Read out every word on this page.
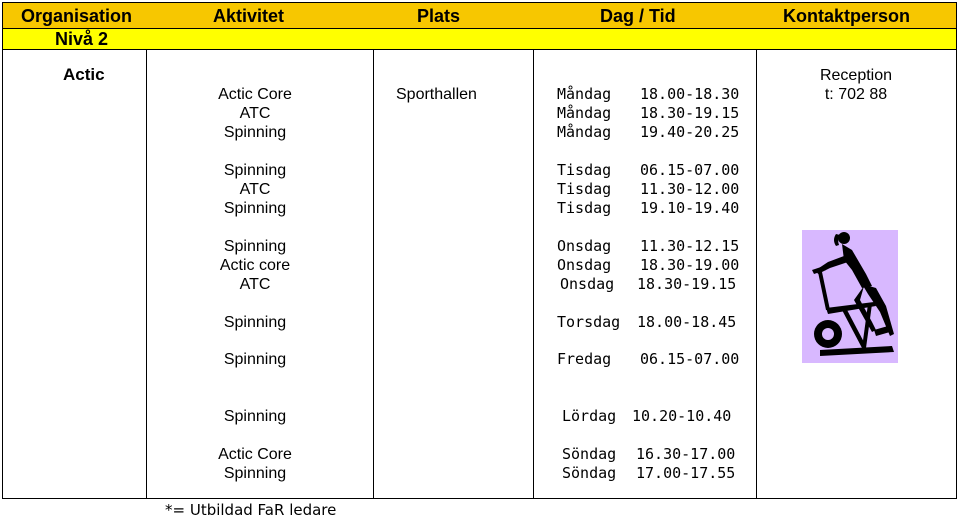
Organisation	Aktivitet	Plats	Dag / Tid	Kontaktperson
Nivå 2
Actic
Sporthallen
Reception
t: 702 88
Actic Core	Måndag 18.00-18.30
ATC	Måndag 18.30-19.15
Spinning	Måndag 19.40-20.25
Spinning	Tisdag 06.15-07.00
ATC	Tisdag 11.30-12.00
Spinning	Tisdag 19.10-19.40
Spinning	Onsdag 11.30-12.15
Actic core	Onsdag 18.30-19.00
ATC	Onsdag 18.30-19.15
Spinning	Torsdag 18.00-18.45
Spinning	Fredag 06.15-07.00
Spinning	Lördag 10.20-10.40
Actic Core	Söndag 16.30-17.00
Spinning	Söndag 17.00-17.55
*= Utbildad FaR ledare
